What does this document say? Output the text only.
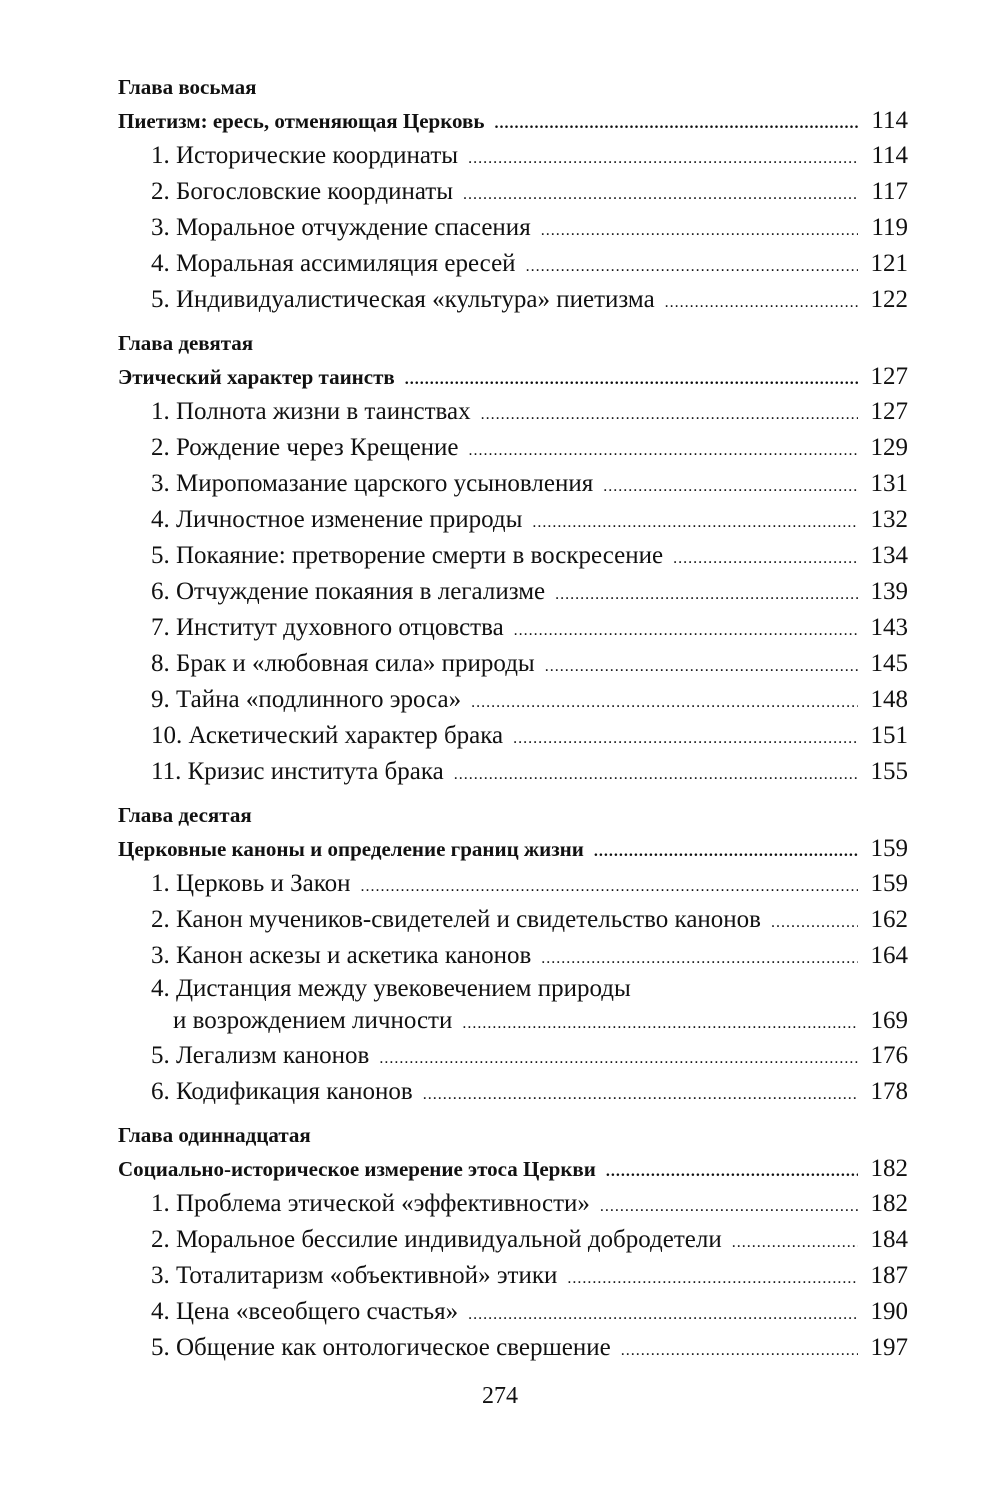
Глава восьмая
Пиетизм: ересь, отменяющая Церковь .....	114
1. Исторические координаты .....	114
2. Богословские координаты .....	117
3. Моральное отчуждение спасения .....	119
4. Моральная ассимиляция ересей .....	121
5. Индивидуалистическая «культура» пиетизма .....	122
Глава девятая
Этический характер таинств .....	127
1. Полнота жизни в таинствах .....	127
2. Рождение через Крещение .....	129
3. Миропомазание царского усыновления .....	131
4. Личностное изменение природы .....	132
5. Покаяние: претворение смерти в воскресение .....	134
6. Отчуждение покаяния в легализме .....	139
7. Институт духовного отцовства .....	143
8. Брак и «любовная сила» природы .....	145
9. Тайна «подлинного эроса» .....	148
10. Аскетический характер брака .....	151
11. Кризис института брака .....	155
Глава десятая
Церковные каноны и определение границ жизни .....	159
1. Церковь и Закон .....	159
2. Канон мучеников-свидетелей и свидетельство канонов .....	162
3. Канон аскезы и аскетика канонов .....	164
4. Дистанция между увековечением природы
и возрождением личности .....	169
5. Легализм канонов .....	176
6. Кодификация канонов .....	178
Глава одиннадцатая
Социально-историческое измерение этоса Церкви .....	182
1. Проблема этической «эффективности» .....	182
2. Моральное бессилие индивидуальной добродетели .....	184
3. Тоталитаризм «объективной» этики .....	187
4. Цена «всеобщего счастья» .....	190
5. Общение как онтологическое свершение .....	197
274
